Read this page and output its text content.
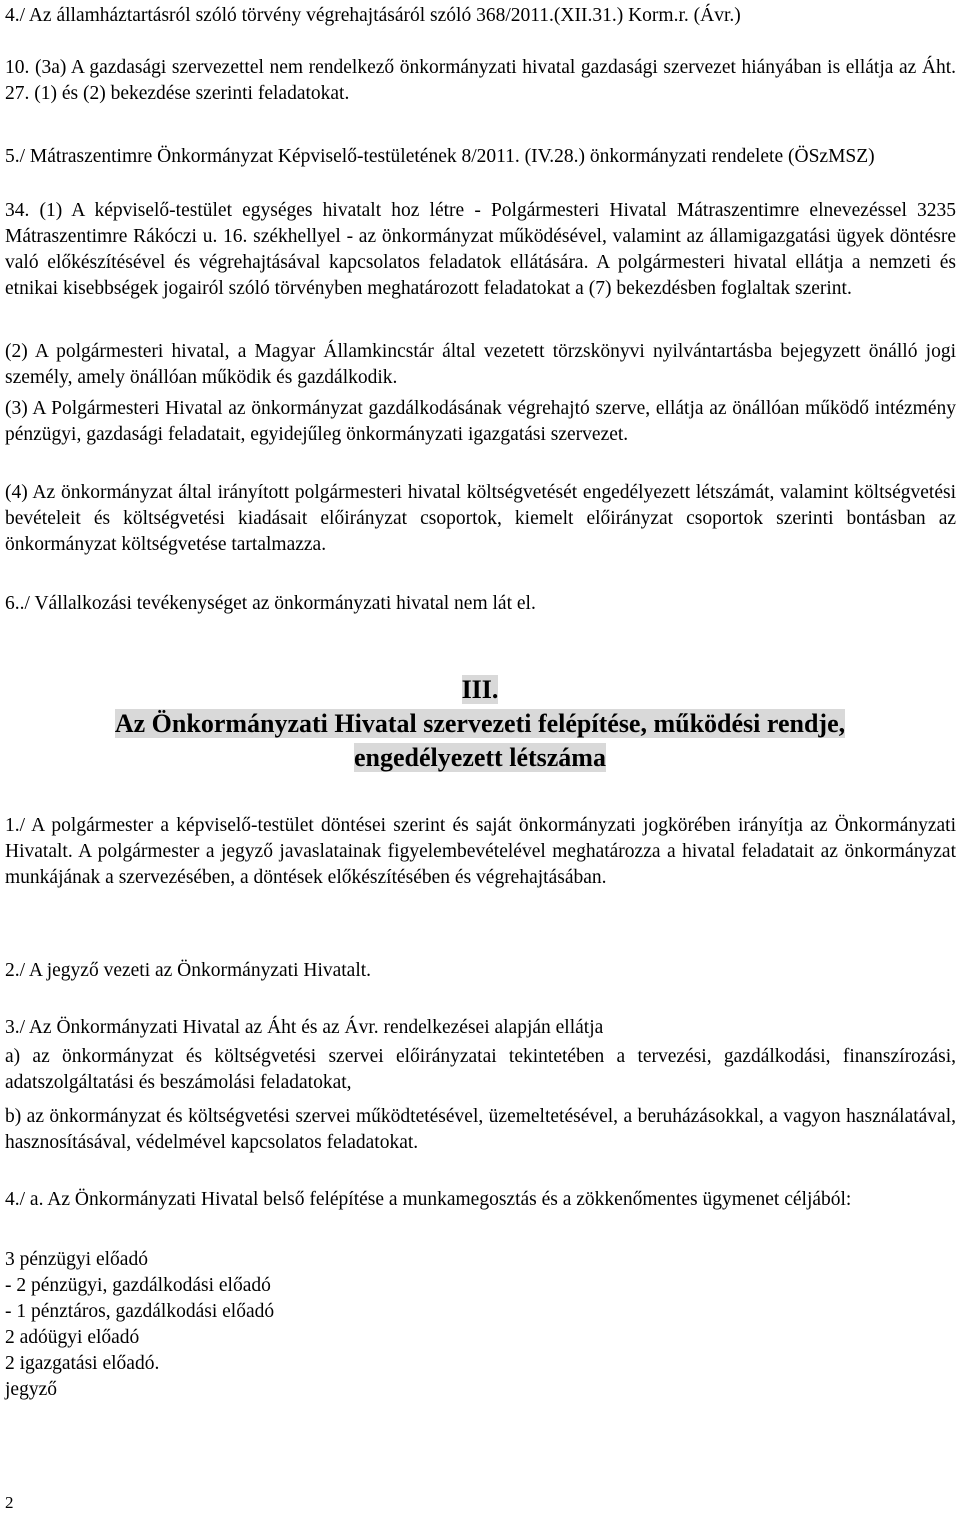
4./ Az államháztartásról szóló törvény végrehajtásáról szóló 368/2011.(XII.31.) Korm.r. (Ávr.)

10. (3a) A gazdasági szervezettel nem rendelkező önkormányzati hivatal gazdasági szervezet hiányában is ellátja az Áht. 27. (1) és (2) bekezdése szerinti feladatokat.

5./ Mátraszentimre Önkormányzat Képviselő-testületének 8/2011. (IV.28.) önkormányzati rendelete (ÖSzMSZ)

34. (1) A képviselő-testület egységes hivatalt hoz létre - Polgármesteri Hivatal Mátraszentimre elnevezéssel 3235 Mátraszentimre Rákóczi u. 16. székhellyel - az önkormányzat működésével, valamint az államigazgatási ügyek döntésre való előkészítésével és végrehajtásával kapcsolatos feladatok ellátására. A polgármesteri hivatal ellátja a nemzeti és etnikai kisebbségek jogairól szóló törvényben meghatározott feladatokat a (7) bekezdésben foglaltak szerint.

(2) A polgármesteri hivatal, a Magyar Államkincstár által vezetett törzskönyvi nyilvántartásba bejegyzett önálló jogi személy, amely önállóan működik és gazdálkodik.

(3) A Polgármesteri Hivatal az önkormányzat gazdálkodásának végrehajtó szerve, ellátja az önállóan működő intézmény pénzügyi, gazdasági feladatait, egyidejűleg önkormányzati igazgatási szervezet.

(4) Az önkormányzat által irányított polgármesteri hivatal költségvetését engedélyezett létszámát, valamint költségvetési bevételeit és költségvetési kiadásait előirányzat csoportok, kiemelt előirányzat csoportok szerinti bontásban az önkormányzat költségvetése tartalmazza.

6../ Vállalkozási tevékenységet az önkormányzati hivatal nem lát el.

III.
Az Önkormányzati Hivatal szervezeti felépítése, működési rendje,
engedélyezett létszáma

1./ A polgármester a képviselő-testület döntései szerint és saját önkormányzati jogkörében irányítja az Önkormányzati Hivatalt. A polgármester a jegyző javaslatainak figyelembevételével meghatározza a hivatal feladatait az önkormányzat munkájának a szervezésében, a döntések előkészítésében és végrehajtásában.

2./ A jegyző vezeti az Önkormányzati Hivatalt.

3./ Az Önkormányzati Hivatal az Áht és az Ávr. rendelkezései alapján ellátja

a) az önkormányzat és költségvetési szervei előirányzatai tekintetében a tervezési, gazdálkodási, finanszírozási, adatszolgáltatási és beszámolási feladatokat,

b) az önkormányzat és költségvetési szervei működtetésével, üzemeltetésével, a beruházásokkal, a vagyon használatával, hasznosításával, védelmével kapcsolatos feladatokat.

4./ a. Az Önkormányzati Hivatal belső felépítése a munkamegosztás és a zökkenőmentes ügymenet céljából:

3 pénzügyi előadó
- 2 pénzügyi, gazdálkodási előadó
- 1 pénztáros, gazdálkodási előadó
2 adóügyi előadó
2 igazgatási előadó.
jegyző
2
